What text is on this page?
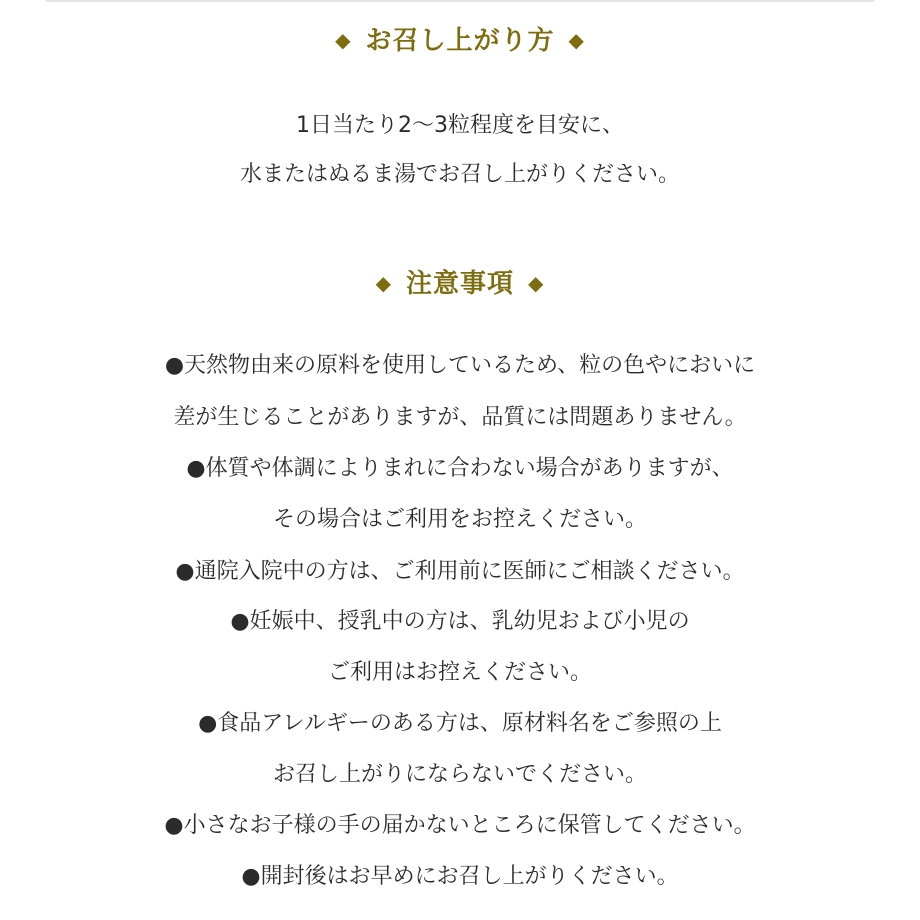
◆ お召し上がり方 ◆
1日当たり2～3粒程度を目安に、
水またはぬるま湯でお召し上がりください。
◆ 注意事項 ◆
●天然物由来の原料を使用しているため、粒の色やにおいに
差が生じることがありますが、品質には問題ありません。
●体質や体調によりまれに合わない場合がありますが、
その場合はご利用をお控えください。
●通院入院中の方は、ご利用前に医師にご相談ください。
●妊娠中、授乳中の方は、乳幼児および小児の
ご利用はお控えください。
●食品アレルギーのある方は、原材料名をご参照の上
お召し上がりにならないでください。
●小さなお子様の手の届かないところに保管してください。
●開封後はお早めにお召し上がりください。
